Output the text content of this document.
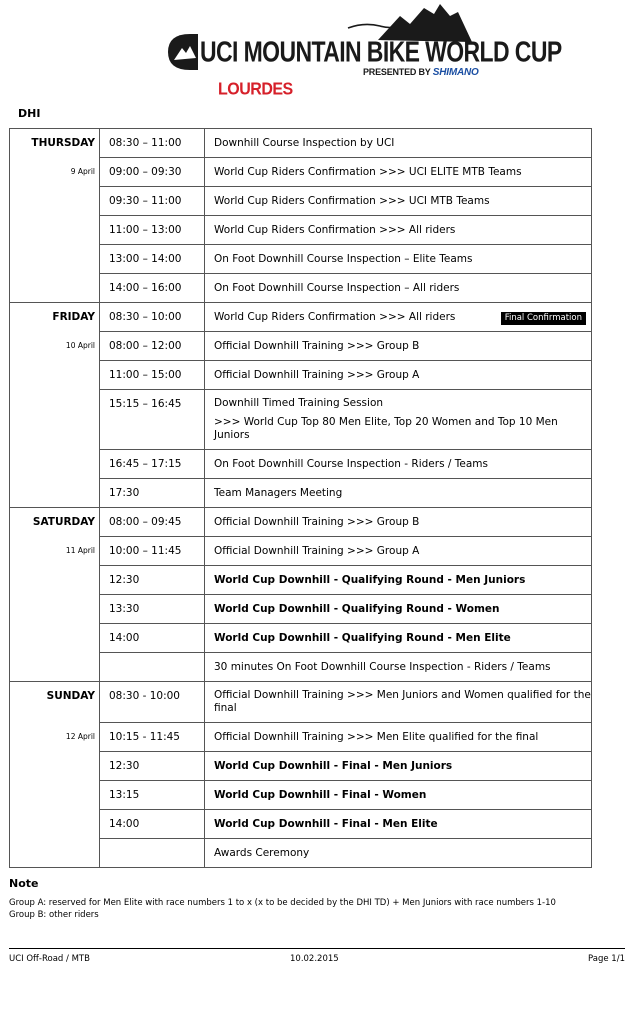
UCI MOUNTAIN BIKE WORLD CUP
PRESENTED BY SHIMANO
LOURDES
DHI
THURSDAY	08:30 – 11:00	Downhill Course Inspection by UCI

9 April	09:00 – 09:30	World Cup Riders Confirmation >>> UCI ELITE MTB Teams

	09:30 – 11:00	World Cup Riders Confirmation >>> UCI MTB Teams

	11:00 – 13:00	World Cup Riders Confirmation >>> All riders

	13:00 – 14:00	On Foot Downhill Course Inspection – Elite Teams

	14:00 – 16:00	On Foot Downhill Course Inspection – All riders

FRIDAY	08:30 – 10:00	World Cup Riders Confirmation >>> All riders Final Confirmation

10 April	08:00 – 12:00	Official Downhill Training >>> Group B

	11:00 – 15:00	Official Downhill Training >>> Group A

	15:15 – 16:45	Downhill Timed Training Session
>>> World Cup Top 80 Men Elite, Top 20 Women and Top 10 Men Juniors

	16:45 – 17:15	On Foot Downhill Course Inspection - Riders / Teams

	17:30	Team Managers Meeting

SATURDAY	08:00 – 09:45	Official Downhill Training >>> Group B

11 April	10:00 – 11:45	Official Downhill Training >>> Group A

	12:30	World Cup Downhill - Qualifying Round - Men Juniors

	13:30	World Cup Downhill - Qualifying Round - Women

	14:00	World Cup Downhill - Qualifying Round - Men Elite

		30 minutes On Foot Downhill Course Inspection - Riders / Teams

SUNDAY	08:30 - 10:00	Official Downhill Training >>> Men Juniors and Women qualified for the final

12 April	10:15 - 11:45	Official Downhill Training >>> Men Elite qualified for the final

	12:30	World Cup Downhill - Final - Men Juniors

	13:15	World Cup Downhill - Final - Women

	14:00	World Cup Downhill - Final - Men Elite

		Awards Ceremony
Note
Group A: reserved for Men Elite with race numbers 1 to x (x to be decided by the DHI TD) + Men Juniors with race numbers 1-10
Group B: other riders
UCI Off-Road / MTB	10.02.2015	Page 1/1
